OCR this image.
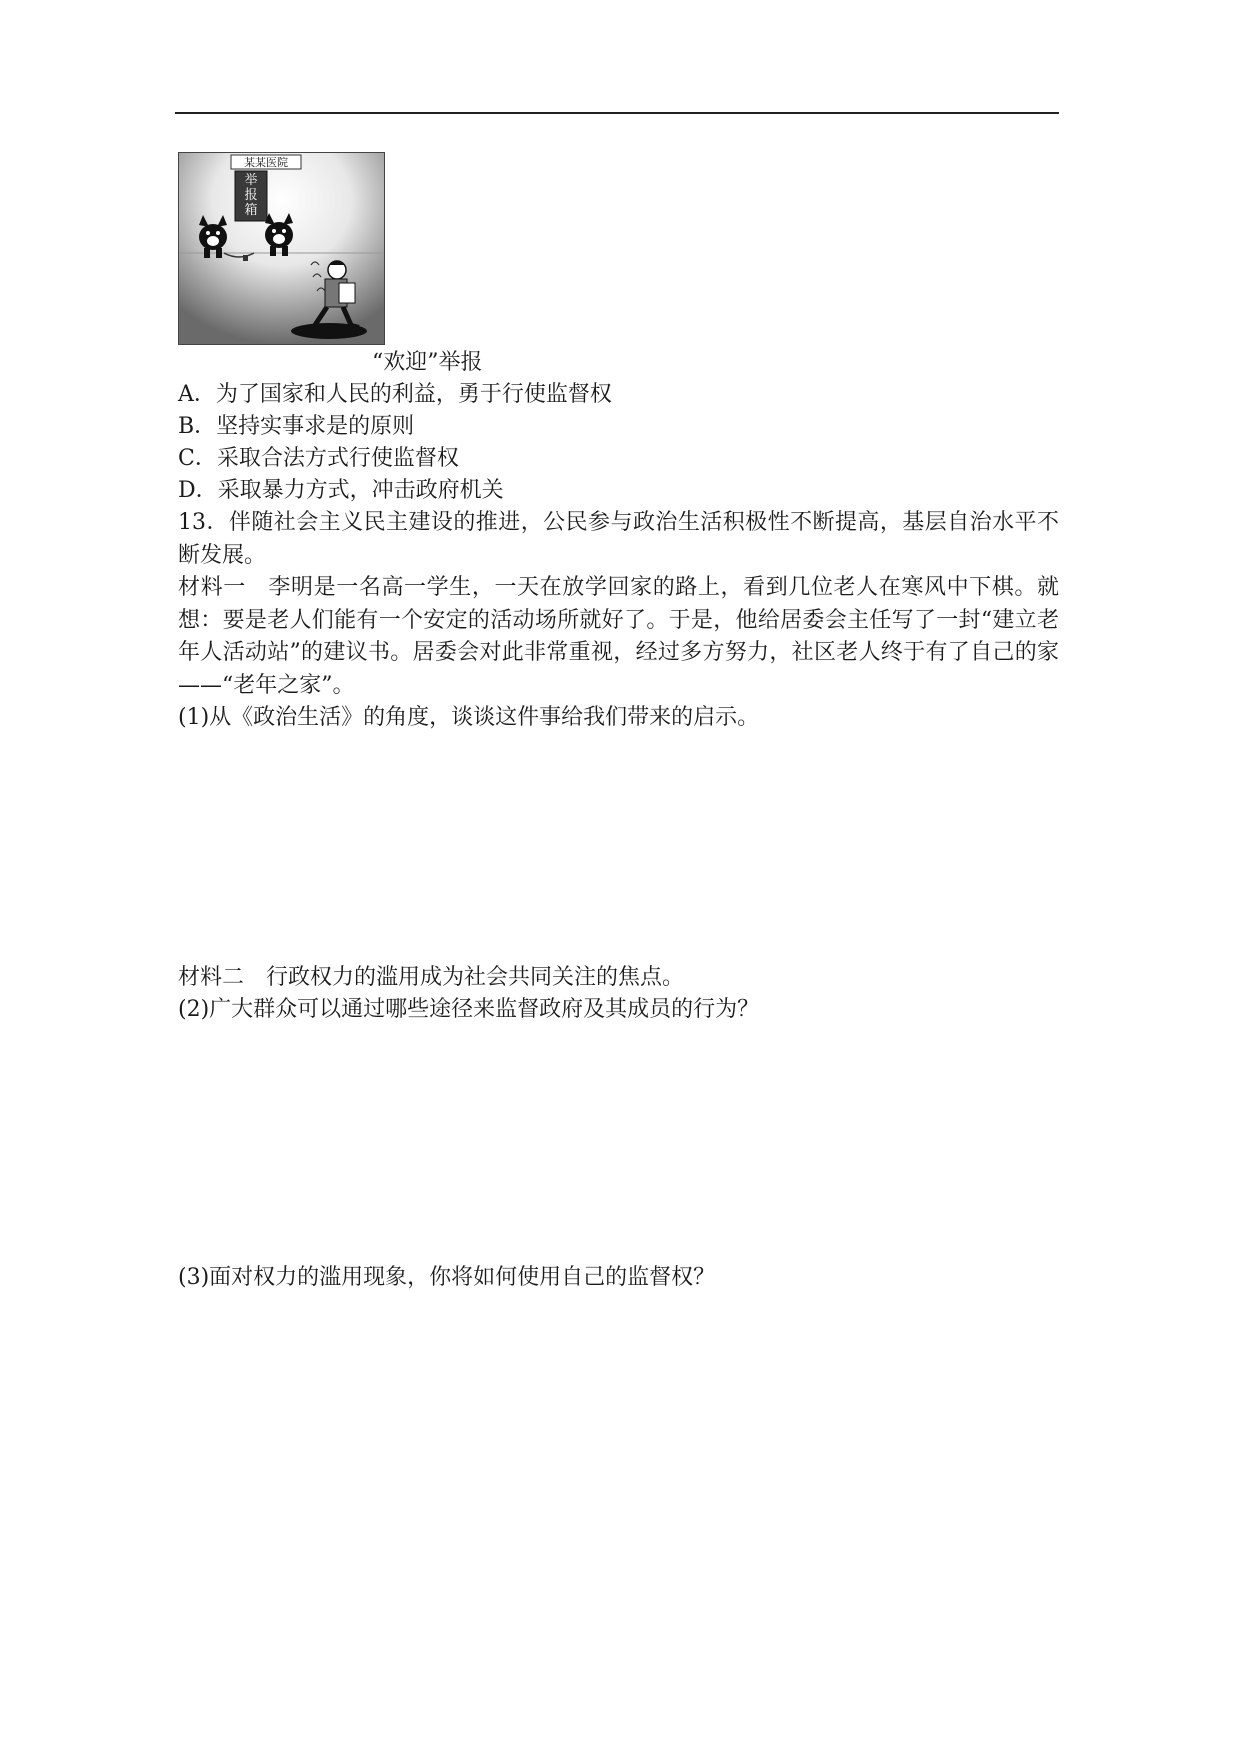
某某医院
举报箱
“欢迎”举报
A．为了国家和人民的利益，勇于行使监督权
B．坚持实事求是的原则
C．采取合法方式行使监督权
D．采取暴力方式，冲击政府机关
13．伴随社会主义民主建设的推进，公民参与政治生活积极性不断提高，基层自治水平不断发展。
材料一　李明是一名高一学生，一天在放学回家的路上，看到几位老人在寒风中下棋。就想：要是老人们能有一个安定的活动场所就好了。于是，他给居委会主任写了一封“建立老年人活动站”的建议书。居委会对此非常重视，经过多方努力，社区老人终于有了自己的家——“老年之家”。
(1)从《政治生活》的角度，谈谈这件事给我们带来的启示。
材料二　行政权力的滥用成为社会共同关注的焦点。
(2)广大群众可以通过哪些途径来监督政府及其成员的行为？
(3)面对权力的滥用现象，你将如何使用自己的监督权？
